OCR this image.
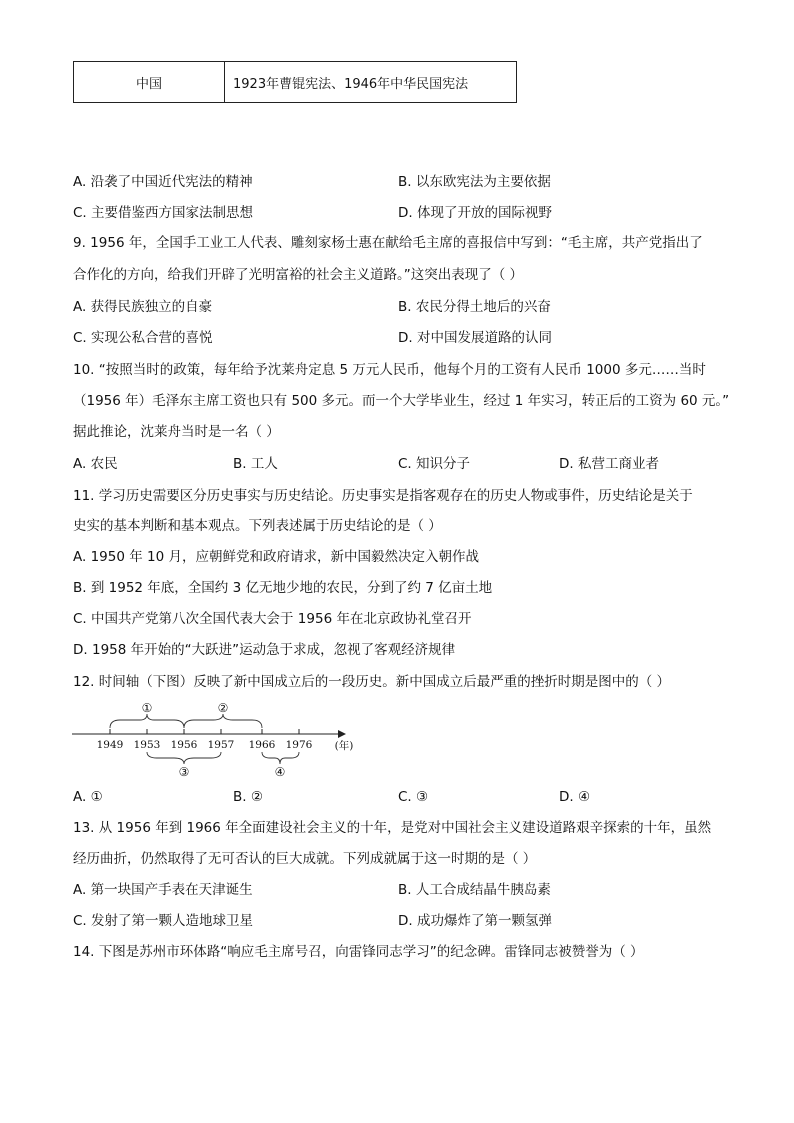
中国	1923年曹锟宪法、1946年中华民国宪法
A. 沿袭了中国近代宪法的精神	B. 以东欧宪法为主要依据
C. 主要借鉴西方国家法制思想	D. 体现了开放的国际视野
9. 1956 年，全国手工业工人代表、雕刻家杨士惠在献给毛主席的喜报信中写到：“毛主席，共产党指出了
合作化的方向，给我们开辟了光明富裕的社会主义道路。”这突出表现了（ ）
A. 获得民族独立的自豪	B. 农民分得土地后的兴奋
C. 实现公私合营的喜悦	D. 对中国发展道路的认同
10. “按照当时的政策，每年给予沈莱舟定息 5 万元人民币，他每个月的工资有人民币 1000 多元……当时
（1956 年）毛泽东主席工资也只有 500 多元。而一个大学毕业生，经过 1 年实习，转正后的工资为 60 元。”
据此推论，沈莱舟当时是一名（ ）
A. 农民	B. 工人	C. 知识分子	D. 私营工商业者
11. 学习历史需要区分历史事实与历史结论。历史事实是指客观存在的历史人物或事件，历史结论是关于
史实的基本判断和基本观点。下列表述属于历史结论的是（ ）
A. 1950 年 10 月，应朝鲜党和政府请求，新中国毅然决定入朝作战
B. 到 1952 年底，全国约 3 亿无地少地的农民，分到了约 7 亿亩土地
C. 中国共产党第八次全国代表大会于 1956 年在北京政协礼堂召开
D. 1958 年开始的“大跃进”运动急于求成，忽视了客观经济规律
12. 时间轴（下图）反映了新中国成立后的一段历史。新中国成立后最严重的挫折时期是图中的（ ）
1949 1953 1956 1957 1966 1976 (年)
①	②
③	④
A. ①	B. ②	C. ③	D. ④
13. 从 1956 年到 1966 年全面建设社会主义的十年，是党对中国社会主义建设道路艰辛探索的十年，虽然
经历曲折，仍然取得了无可否认的巨大成就。下列成就属于这一时期的是（ ）
A. 第一块国产手表在天津诞生	B. 人工合成结晶牛胰岛素
C. 发射了第一颗人造地球卫星	D. 成功爆炸了第一颗氢弹
14. 下图是苏州市环体路“响应毛主席号召，向雷锋同志学习”的纪念碑。雷锋同志被赞誉为（ ）
